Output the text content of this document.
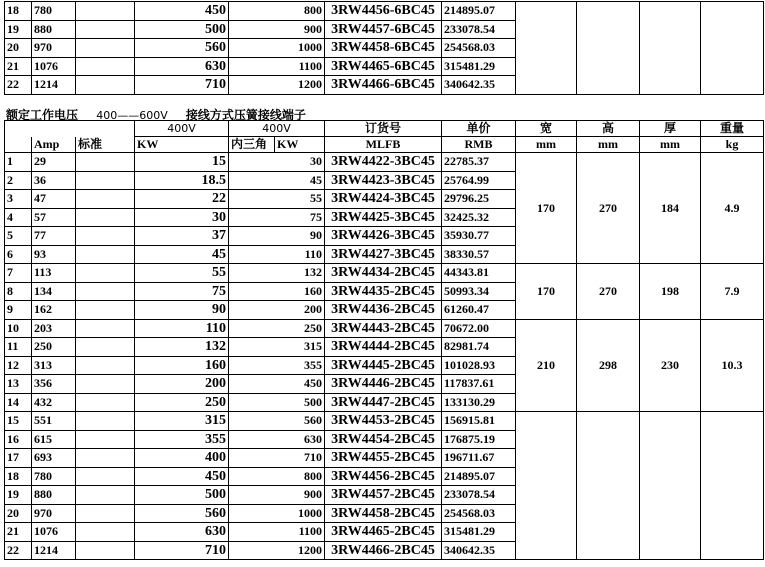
18	780		450		800	3RW4456-6BC45	214895.07				
19	880		500		900	3RW4457-6BC45	233078.54				
20	970		560		1000	3RW4458-6BC45	254568.03				
21	1076		630		1100	3RW4465-6BC45	315481.29				
22	1214		710		1200	3RW4466-6BC45	340642.35				
额定工作电压 400——600V 接线方式压簧接线端子
			400V	400V		订货号	单价	宽	高	厚	重量
	Amp	标准	KW	内三角	KW	MLFB	RMB	mm	mm	mm	kg
1	29		15		30	3RW4422-3BC45	22785.37	170	270	184	4.9
2	36		18.5		45	3RW4423-3BC45	25764.99				
3	47		22		55	3RW4424-3BC45	29796.25				
4	57		30		75	3RW4425-3BC45	32425.32				
5	77		37		90	3RW4426-3BC45	35930.77				
6	93		45		110	3RW4427-3BC45	38330.57				
7	113		55		132	3RW4434-2BC45	44343.81	170	270	198	7.9
8	134		75		160	3RW4435-2BC45	50993.34				
9	162		90		200	3RW4436-2BC45	61260.47				
10	203		110		250	3RW4443-2BC45	70672.00	210	298	230	10.3
11	250		132		315	3RW4444-2BC45	82981.74				
12	313		160		355	3RW4445-2BC45	101028.93				
13	356		200		450	3RW4446-2BC45	117837.61				
14	432		250		500	3RW4447-2BC45	133130.29				
15	551		315		560	3RW4453-2BC45	156915.81				
16	615		355		630	3RW4454-2BC45	176875.19				
17	693		400		710	3RW4455-2BC45	196711.67				
18	780		450		800	3RW4456-2BC45	214895.07				
19	880		500		900	3RW4457-2BC45	233078.54				
20	970		560		1000	3RW4458-2BC45	254568.03				
21	1076		630		1100	3RW4465-2BC45	315481.29				
22	1214		710		1200	3RW4466-2BC45	340642.35				
